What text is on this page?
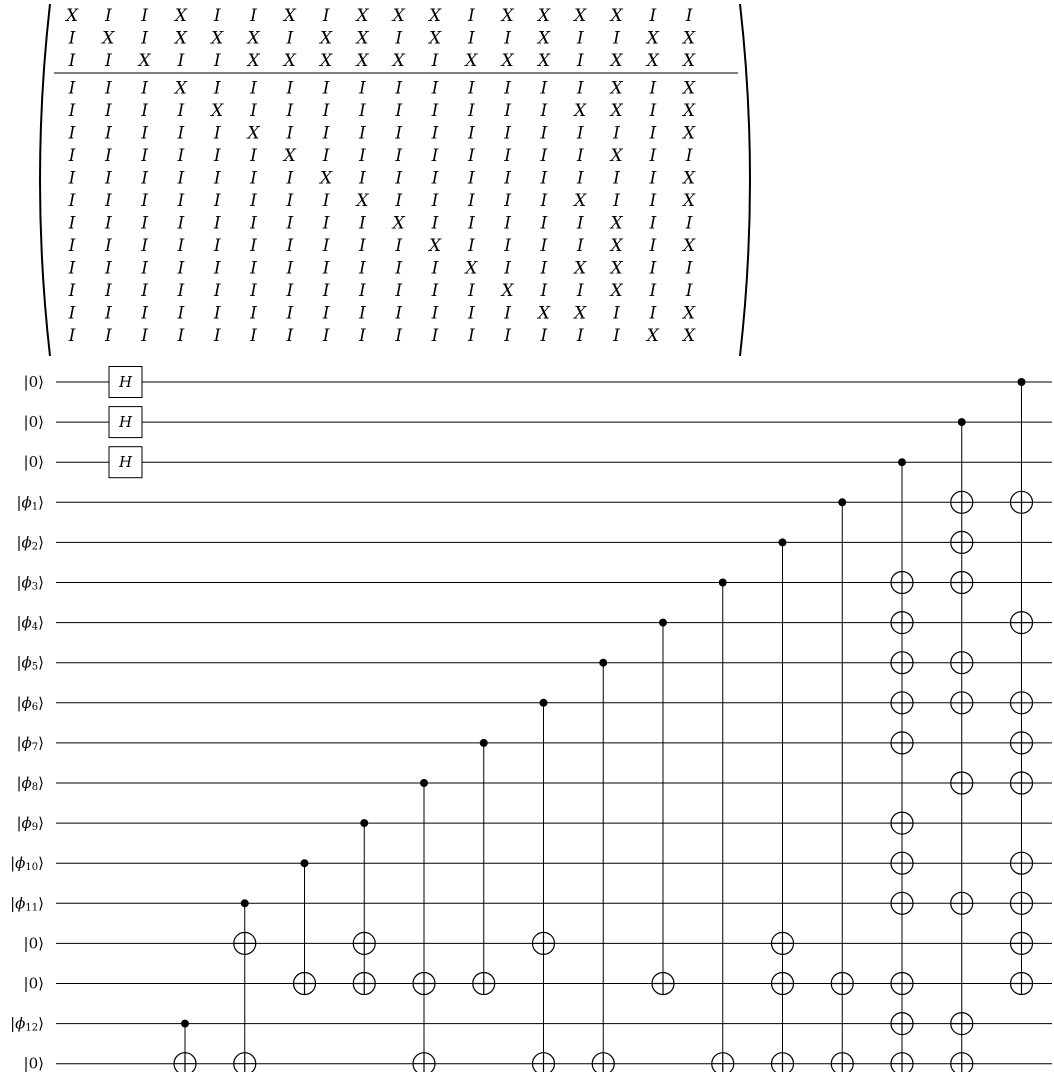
X I I X I I X I X X X I X X X X I I
I X I X X X I X X I X I I X I I X X
I I X I I X X X X X I X X X I X X X
I I I X I I I I I I I I I I I X I X
I I I I X I I I I I I I I I X X I X
I I I I I X I I I I I I I I I I I X
I I I I I I X I I I I I I I I X I I
I I I I I I I X I I I I I I I I I X
I I I I I I I I X I I I I I X I I X
I I I I I I I I I X I I I I I X I I
I I I I I I I I I I X I I I I X I X
I I I I I I I I I I I X I I X X I I
I I I I I I I I I I I I X I I X I I
I I I I I I I I I I I I I X X I I X
I I I I I I I I I I I I I I I I X X
H
H
H
|0⟩
|0⟩
|0⟩
$|\phi_1⟩$
$|\phi_2⟩$
$|\phi_3⟩$
$|\phi_4⟩$
$|\phi_5⟩$
$|\phi_6⟩$
$|\phi_7⟩$
$|\phi_8⟩$
$|\phi_9⟩$
$|\phi_{10}⟩$
$|\phi_{11}⟩$
|0⟩
|0⟩
$|\phi_{12}⟩$
|0⟩
